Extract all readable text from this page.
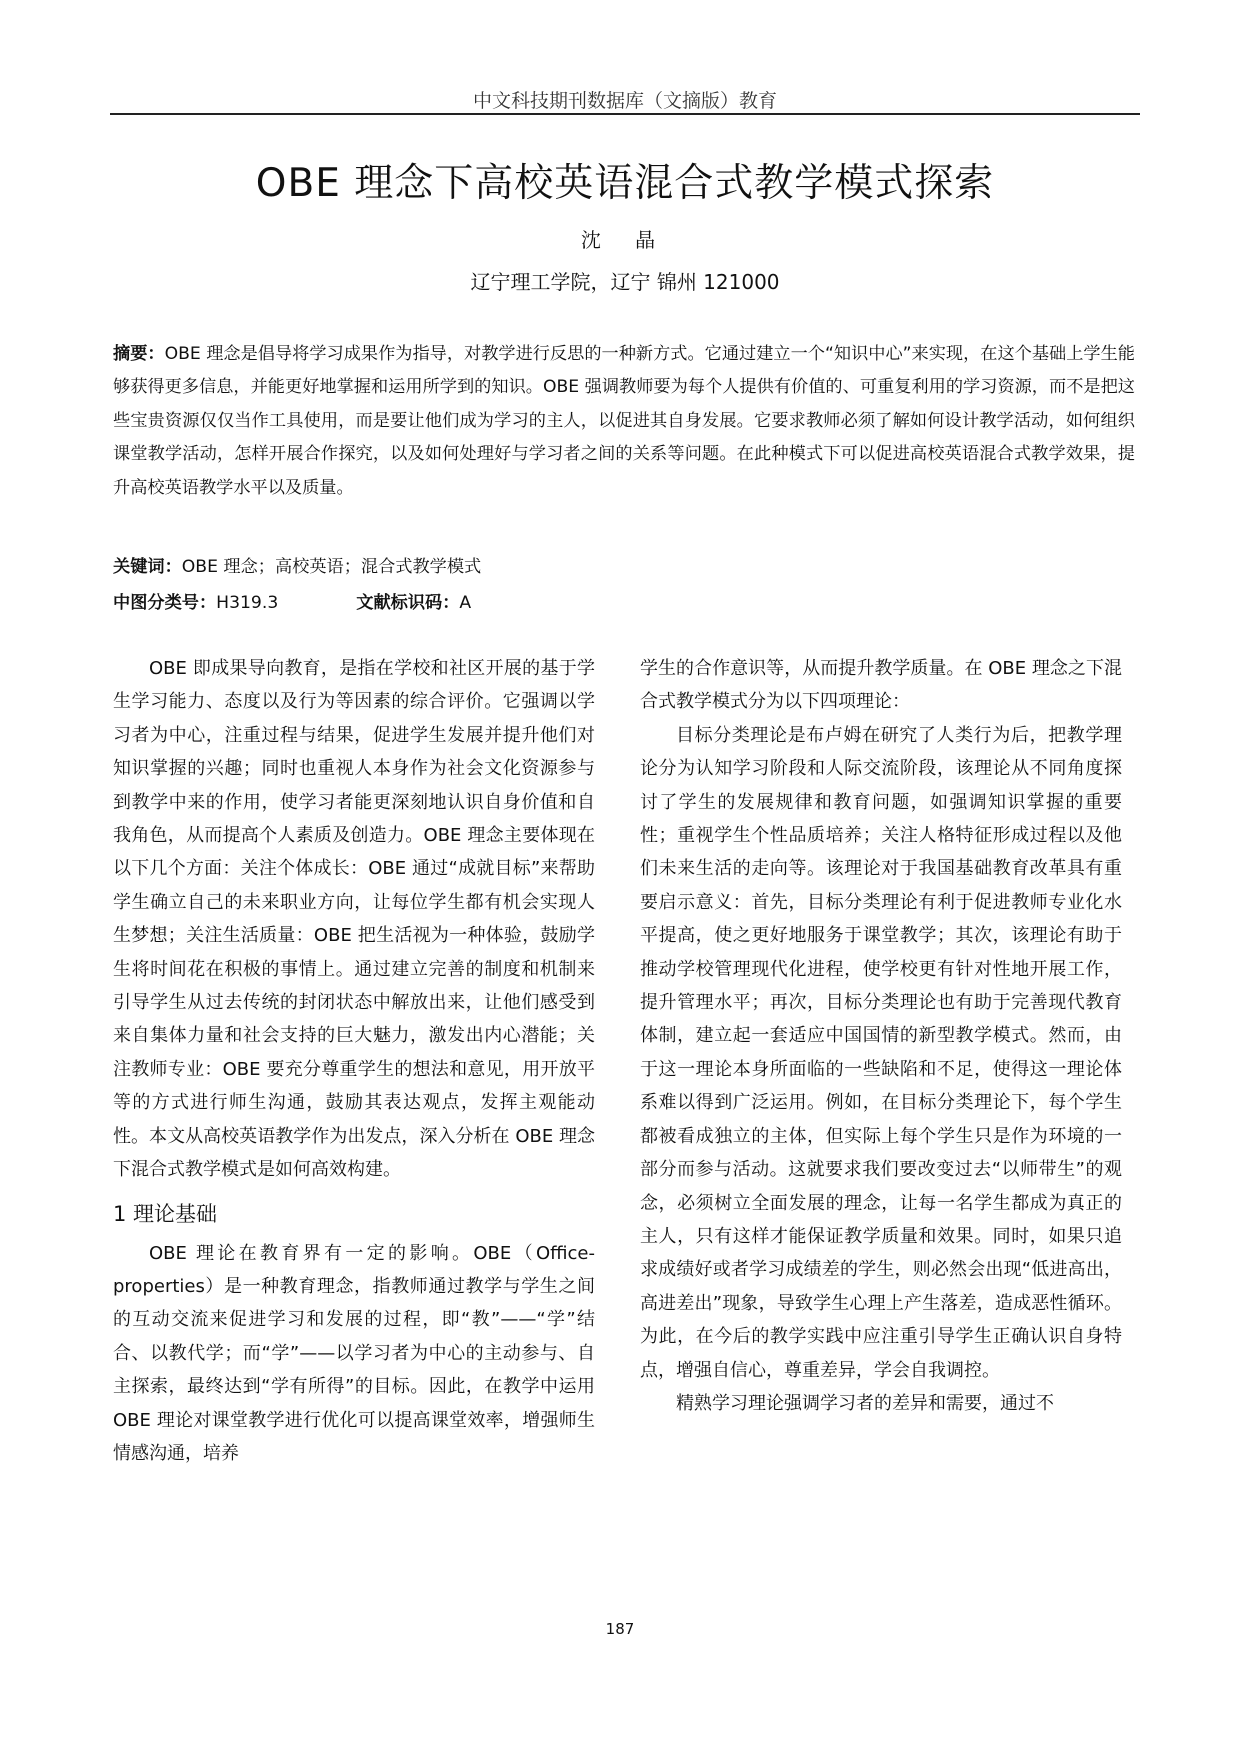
中文科技期刊数据库（文摘版）教育
OBE 理念下高校英语混合式教学模式探索
沈 晶
辽宁理工学院，辽宁 锦州 121000
摘要：OBE 理念是倡导将学习成果作为指导，对教学进行反思的一种新方式。它通过建立一个“知识中心”来实现，在这个基础上学生能够获得更多信息，并能更好地掌握和运用所学到的知识。OBE 强调教师要为每个人提供有价值的、可重复利用的学习资源，而不是把这些宝贵资源仅仅当作工具使用，而是要让他们成为学习的主人，以促进其自身发展。它要求教师必须了解如何设计教学活动，如何组织课堂教学活动，怎样开展合作探究，以及如何处理好与学习者之间的关系等问题。在此种模式下可以促进高校英语混合式教学效果，提升高校英语教学水平以及质量。
关键词：OBE 理念；高校英语；混合式教学模式
中图分类号：H319.3	文献标识码：A

OBE 即成果导向教育，是指在学校和社区开展的基于学生学习能力、态度以及行为等因素的综合评价。它强调以学习者为中心，注重过程与结果，促进学生发展并提升他们对知识掌握的兴趣；同时也重视人本身作为社会文化资源参与到教学中来的作用，使学习者能更深刻地认识自身价值和自我角色，从而提高个人素质及创造力。OBE 理念主要体现在以下几个方面：关注个体成长：OBE 通过“成就目标”来帮助学生确立自己的未来职业方向，让每位学生都有机会实现人生梦想；关注生活质量：OBE 把生活视为一种体验，鼓励学生将时间花在积极的事情上。通过建立完善的制度和机制来引导学生从过去传统的封闭状态中解放出来，让他们感受到来自集体力量和社会支持的巨大魅力，激发出内心潜能；关注教师专业：OBE 要充分尊重学生的想法和意见，用开放平等的方式进行师生沟通，鼓励其表达观点，发挥主观能动性。本文从高校英语教学作为出发点，深入分析在 OBE 理念下混合式教学模式是如何高效构建。

1 理论基础

OBE 理论在教育界有一定的影响。OBE（Office-properties）是一种教育理念，指教师通过教学与学生之间的互动交流来促进学习和发展的过程，即“教”——“学”结合、以教代学；而“学”——以学习者为中心的主动参与、自主探索，最终达到“学有所得”的目标。因此，在教学中运用 OBE 理论对课堂教学进行优化可以提高课堂效率，增强师生情感沟通，培养

学生的合作意识等，从而提升教学质量。在 OBE 理念之下混合式教学模式分为以下四项理论：

目标分类理论是布卢姆在研究了人类行为后，把教学理论分为认知学习阶段和人际交流阶段，该理论从不同角度探讨了学生的发展规律和教育问题，如强调知识掌握的重要性；重视学生个性品质培养；关注人格特征形成过程以及他们未来生活的走向等。该理论对于我国基础教育改革具有重要启示意义：首先，目标分类理论有利于促进教师专业化水平提高，使之更好地服务于课堂教学；其次，该理论有助于推动学校管理现代化进程，使学校更有针对性地开展工作，提升管理水平；再次，目标分类理论也有助于完善现代教育体制，建立起一套适应中国国情的新型教学模式。然而，由于这一理论本身所面临的一些缺陷和不足，使得这一理论体系难以得到广泛运用。例如，在目标分类理论下，每个学生都被看成独立的主体，但实际上每个学生只是作为环境的一部分而参与活动。这就要求我们要改变过去“以师带生”的观念，必须树立全面发展的理念，让每一名学生都成为真正的主人，只有这样才能保证教学质量和效果。同时，如果只追求成绩好或者学习成绩差的学生，则必然会出现“低进高出，高进差出”现象，导致学生心理上产生落差，造成恶性循环。为此，在今后的教学实践中应注重引导学生正确认识自身特点，增强自信心，尊重差异，学会自我调控。

精熟学习理论强调学习者的差异和需要，通过不

187
